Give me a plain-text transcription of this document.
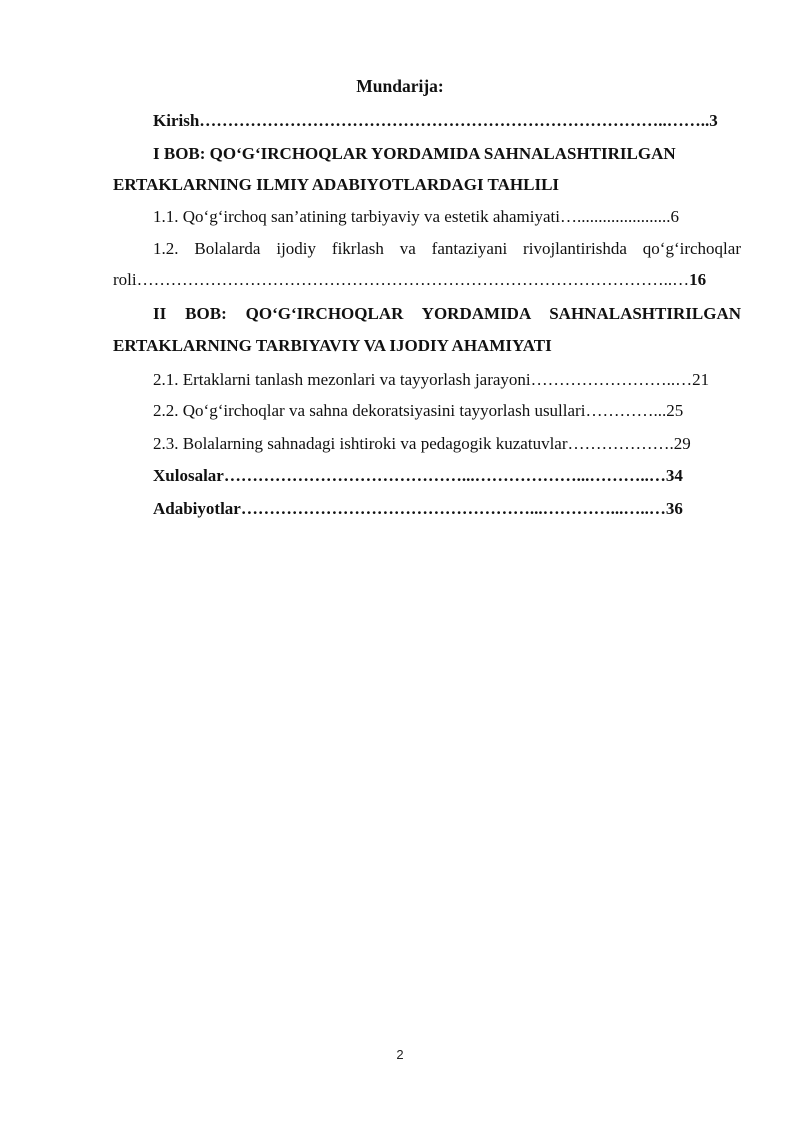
Mundarija:
Kirish ………………………………………………………………………..…….. 3
I BOB: QO‘G‘IRCHOQLAR YORDAMIDA SAHNALASHTIRILGAN
ERTAKLARNING ILMIY ADABIYOTLARDAGI TAHLILI
1.1. Qo‘g‘irchoq san’atining tarbiyaviy va estetik ahamiyati …...................... 6
1.2. Bolalarda ijodiy fikrlash va fantaziyani rivojlantirishda qo‘g‘irchoqlar
roli …………………………………………………………………………………..… 16
II BOB: QO‘G‘IRCHOQLAR YORDAMIDA SAHNALASHTIRILGAN
ERTAKLARNING TARBIYAVIY VA IJODIY AHAMIYATI
2.1. Ertaklarni tanlash mezonlari va tayyorlash jarayoni ……………………..… 21
2.2. Qo‘g‘irchoqlar va sahna dekoratsiyasini tayyorlash usullari …………... 25
2.3. Bolalarning sahnadagi ishtiroki va pedagogik kuzatuvlar ………………. 29
Xulosalar ……………………………………...………………...………..… 34
Adabiyotlar ……………………………………………...…………...…..… 36
2
